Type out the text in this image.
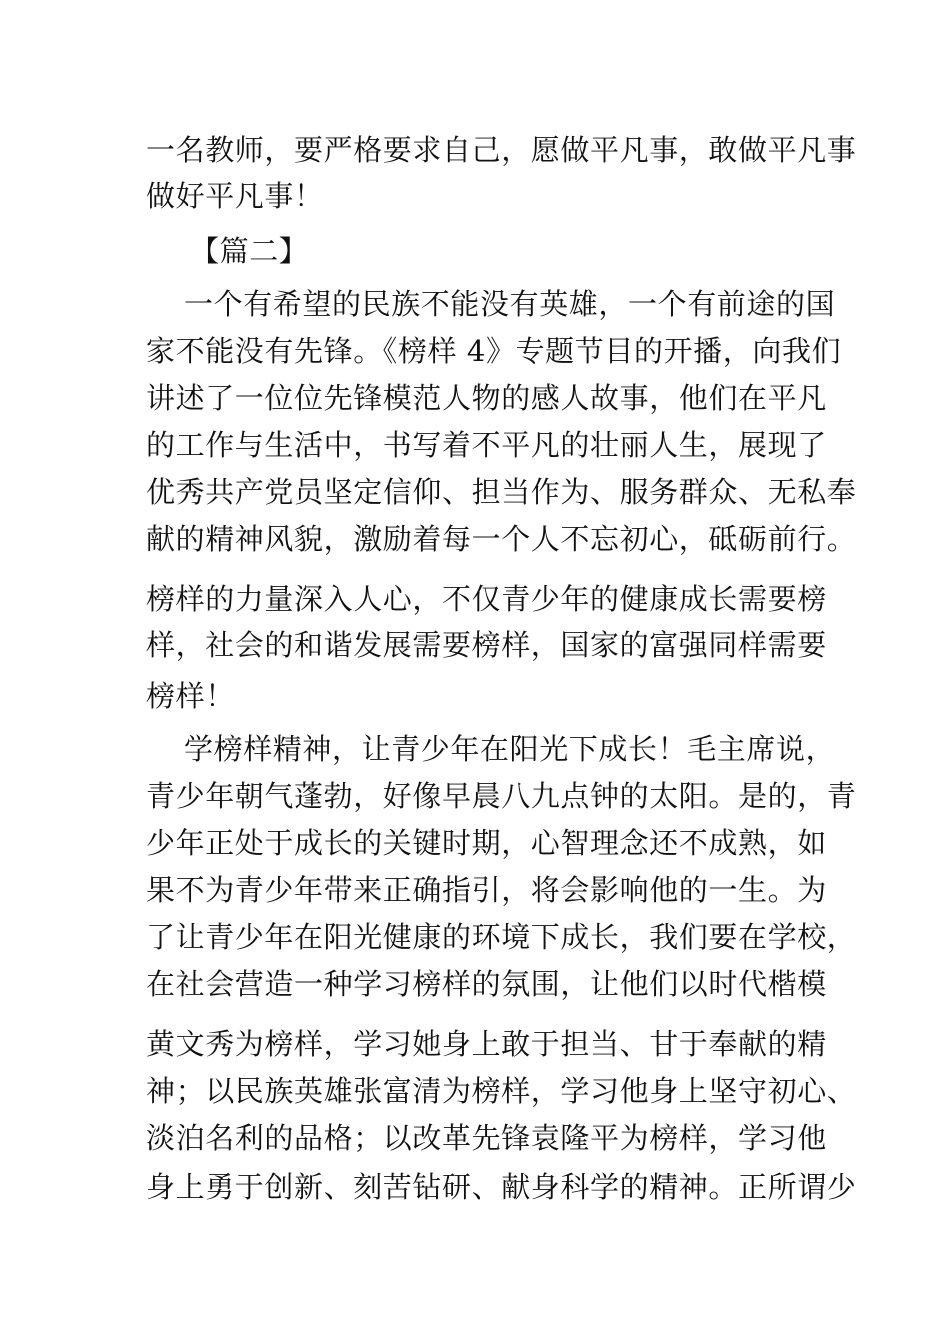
一名教师，要严格要求自己，愿做平凡事，敢做平凡事
做好平凡事！
【篇二】
一个有希望的民族不能没有英雄，一个有前途的国
家不能没有先锋。《榜样 4》专题节目的开播，向我们
讲述了一位位先锋模范人物的感人故事，他们在平凡
的工作与生活中，书写着不平凡的壮丽人生，展现了
优秀共产党员坚定信仰、担当作为、服务群众、无私奉
献的精神风貌，激励着每一个人不忘初心，砥砺前行。
榜样的力量深入人心，不仅青少年的健康成长需要榜
样，社会的和谐发展需要榜样，国家的富强同样需要
榜样！
学榜样精神，让青少年在阳光下成长！毛主席说，
青少年朝气蓬勃，好像早晨八九点钟的太阳。是的，青
少年正处于成长的关键时期，心智理念还不成熟，如
果不为青少年带来正确指引，将会影响他的一生。为
了让青少年在阳光健康的环境下成长，我们要在学校，
在社会营造一种学习榜样的氛围，让他们以时代楷模
黄文秀为榜样，学习她身上敢于担当、甘于奉献的精
神；以民族英雄张富清为榜样，学习他身上坚守初心、
淡泊名利的品格；以改革先锋袁隆平为榜样，学习他
身上勇于创新、刻苦钻研、献身科学的精神。正所谓少
